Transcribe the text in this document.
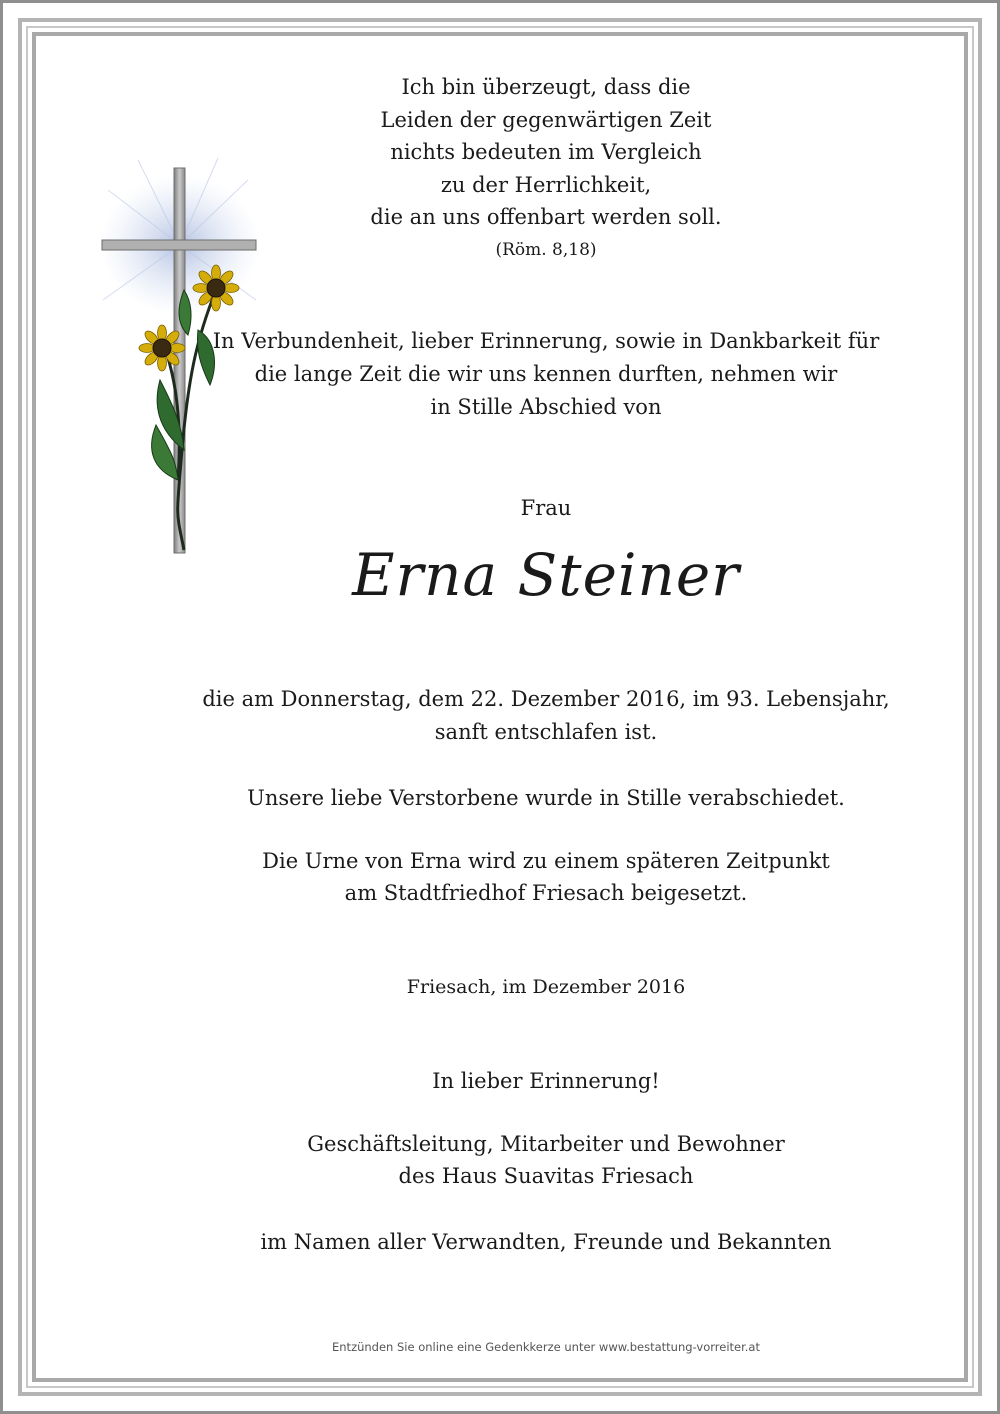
Ich bin überzeugt, dass die
Leiden der gegenwärtigen Zeit
nichts bedeuten im Vergleich
zu der Herrlichkeit,
die an uns offenbart werden soll.
(Röm. 8,18)
In Verbundenheit, lieber Erinnerung, sowie in Dankbarkeit für
die lange Zeit die wir uns kennen durften, nehmen wir
in Stille Abschied von
Frau
Erna Steiner
die am Donnerstag, dem 22. Dezember 2016, im 93. Lebensjahr,
sanft entschlafen ist.
Unsere liebe Verstorbene wurde in Stille verabschiedet.
Die Urne von Erna wird zu einem späteren Zeitpunkt
am Stadtfriedhof Friesach beigesetzt.
Friesach, im Dezember 2016
In lieber Erinnerung!
Geschäftsleitung, Mitarbeiter und Bewohner
des Haus Suavitas Friesach
im Namen aller Verwandten, Freunde und Bekannten
Entzünden Sie online eine Gedenkkerze unter www.bestattung-vorreiter.at
